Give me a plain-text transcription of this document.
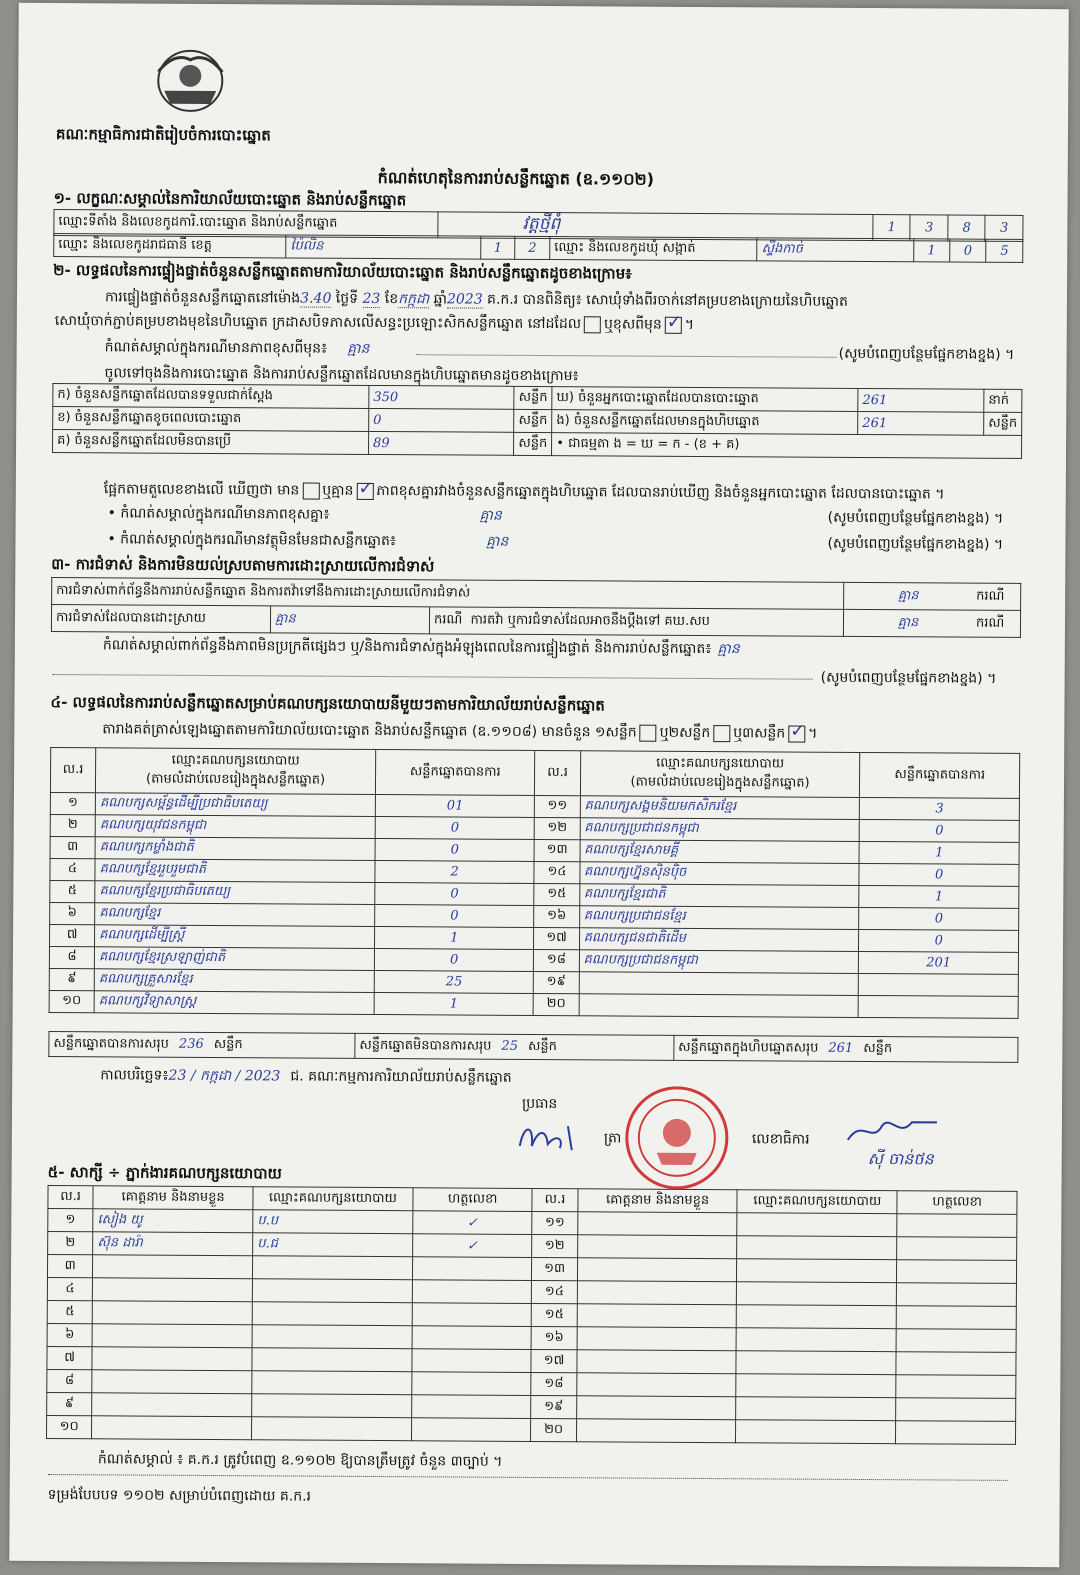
គណៈកម្មាធិការជាតិរៀបចំការបោះឆ្នោត
កំណត់ហេតុនៃការរាប់សន្លឹកឆ្នោត (ឧ.១១០២)
១- លក្ខណៈសម្គាល់នៃការិយាល័យបោះឆ្នោត និងរាប់សន្លឹកឆ្នោត
ឈ្មោះទីតាំង និងលេខកូដការិ.បោះឆ្នោត និងរាប់សន្លឹកឆ្នោត	វត្តថ្មីពុំ	1	3	8	3
ឈ្មោះ និងលេខកូដរាជធានី ខេត្ត	ប៉ៃលិន	1	2	ឈ្មោះ និងលេខកូដឃុំ សង្កាត់	ស្ទឹងកាច់	1	0	5
២- លទ្ធផលនៃការផ្ទៀងផ្ទាត់ចំនួនសន្លឹកឆ្នោតតាមការិយាល័យបោះឆ្នោត និងរាប់សន្លឹកឆ្នោតដូចខាងក្រោម៖
ការផ្ទៀងផ្ទាត់ចំនួនសន្លឹកឆ្នោតនៅម៉ោង3.40 ថ្ងៃទី 23 ខែកក្កដា ឆ្នាំ2023 គ.ក.រ បានពិនិត្យ៖ សោឃុំទាំងពីរចាក់នៅគម្របខាងក្រោយនៃហិបឆ្នោត
សោឃុំចាក់ភ្ជាប់គម្របខាងមុខនៃហិបឆ្នោត ក្រដាសបិទភាសលើសន្ធះប្រឡោះសិកសន្លឹកឆ្នោត នៅដដែល ឬខុសពីមុន ✓ ។
កំណត់សម្គាល់ក្នុងករណីមានភាពខុសពីមុន៖ គ្មាន	(សូមបំពេញបន្ថែមផ្នែកខាងខ្នង) ។
ចូលទៅចុងនិងការបោះឆ្នោត និងការរាប់សន្លឹកឆ្នោតដែលមានក្នុងហិបឆ្នោតមានដូចខាងក្រោម៖
ក) ចំនួនសន្លឹកឆ្នោតដែលបានទទួលជាក់ស្តែង	350	សន្លឹក	ឃ) ចំនួនអ្នកបោះឆ្នោតដែលបានបោះឆ្នោត	261	នាក់
ខ) ចំនួនសន្លឹកឆ្នោតខូចពេលបោះឆ្នោត	0	សន្លឹក	ង) ចំនួនសន្លឹកឆ្នោតដែលមានក្នុងហិបឆ្នោត	261	សន្លឹក
គ) ចំនួនសន្លឹកឆ្នោតដែលមិនបានប្រើ	89	សន្លឹក	• ជាធម្មតា ង = ឃ = ក - (ខ + គ)		
ផ្អែកតាមតួលេខខាងលើ ឃើញថា មាន ឬគ្មាន ✓ ភាពខុសគ្នារវាងចំនួនសន្លឹកឆ្នោតក្នុងហិបឆ្នោត ដែលបានរាប់ឃើញ និងចំនួនអ្នកបោះឆ្នោត ដែលបានបោះឆ្នោត ។
• កំណត់សម្គាល់ក្នុងករណីមានភាពខុសគ្នា៖	គ្មាន	(សូមបំពេញបន្ថែមផ្នែកខាងខ្នង) ។
• កំណត់សម្គាល់ក្នុងករណីមានវត្ថុមិនមែនជាសន្លឹកឆ្នោត៖	គ្មាន	(សូមបំពេញបន្ថែមផ្នែកខាងខ្នង) ។
៣- ការជំទាស់ និងការមិនយល់ស្របតាមការដោះស្រាយលើការជំទាស់
ការជំទាស់ពាក់ព័ន្ធនឹងការរាប់សន្លឹកឆ្នោត និងការតវ៉ាទៅនឹងការដោះស្រាយលើការជំទាស់			គ្មាន	ករណី
ការជំទាស់ដែលបានដោះស្រាយ	គ្មាន	ករណី ការតវ៉ា ឬការជំទាស់ដែលអាចនឹងប្តឹងទៅ គឃ.សប	គ្មាន	ករណី
កំណត់សម្គាល់ពាក់ព័ន្ធនឹងភាពមិនប្រក្រតីផ្សេងៗ ឬ/និងការជំទាស់ក្នុងអំឡុងពេលនៃការផ្ទៀងផ្ទាត់ និងការរាប់សន្លឹកឆ្នោត៖ គ្មាន
(សូមបំពេញបន្ថែមផ្នែកខាងខ្នង) ។
៤- លទ្ធផលនៃការរាប់សន្លឹកឆ្នោតសម្រាប់គណបក្សនយោបាយនីមួយៗតាមការិយាល័យរាប់សន្លឹកឆ្នោត
តារាងគត់ត្រាស់ឡេងឆ្នោតតាមការិយាល័យបោះឆ្នោត និងរាប់សន្លឹកឆ្នោត (ឧ.១១០៨) មានចំនួន ១សន្លឹក ឬ២សន្លឹក ឬ៣សន្លឹក ✓ ។
ល.រ	ឈ្មោះគណបក្សនយោបាយ
(តាមលំដាប់លេខរៀងក្នុងសន្លឹកឆ្នោត)	សន្លឹកឆ្នោតបានការ	ល.រ	ឈ្មោះគណបក្សនយោបាយ
(តាមលំដាប់លេខរៀងក្នុងសន្លឹកឆ្នោត)	សន្លឹកឆ្នោតបានការ
១	គណបក្សសម្ព័ន្ធដើម្បីប្រជាធិបតេយ្យ	01	១១	គណបក្សសង្គមនិយមកសិករខ្មែរ	3
២	គណបក្សយុវជនកម្ពុជា	0	១២	គណបក្សប្រជាជនកម្ពុជា	0
៣	គណបក្សកម្លាំងជាតិ	0	១៣	គណបក្សខ្មែរសាមគ្គី	1
៤	គណបក្សខ្មែររួបរួមជាតិ	2	១៤	គណបក្សហ្វ៊ុនស៊ិនប៉ិច	0
៥	គណបក្សខ្មែរប្រជាធិបតេយ្យ	0	១៥	គណបក្សខ្មែរជាតិ	1
៦	គណបក្សខ្មែរ	0	១៦	គណបក្សប្រជាជនខ្មែរ	0
៧	គណបក្សដើម្បីស្ត្រី	1	១៧	គណបក្សជនជាតិដើម	0
៨	គណបក្សខ្មែរស្រឡាញ់ជាតិ	0	១៨	គណបក្សប្រជាជនកម្ពុជា	201
៩	គណបក្សគ្រួសារខ្មែរ	25	១៩		
១០	គណបក្សវិទ្យាសាស្ត្រ	1	២០		
សន្លឹកឆ្នោតបានការសរុប 236 សន្លឹក	សន្លឹកឆ្នោតមិនបានការសរុប 25 សន្លឹក	សន្លឹកឆ្នោតក្នុងហិបឆ្នោតសរុប 261 សន្លឹក
កាលបរិច្ឆេទ៖23 / កក្កដា / 2023 ជ. គណៈកម្មការការិយាល័យរាប់សន្លឹកឆ្នោត
ប្រធាន
ត្រា	លេខាធិការ
ស៊ី ចាន់ថន
៥- សាក្សី ÷ ភ្នាក់ងារគណបក្សនយោបាយ
ល.រ	គោត្តនាម និងនាមខ្លួន	ឈ្មោះគណបក្សនយោបាយ	ហត្ថលេខា	ល.រ	គោត្តនាម និងនាមខ្លួន	ឈ្មោះគណបក្សនយោបាយ	ហត្ថលេខា
១	សៀង យូ	ប.ប	✓	១១			
២	ស៊ុន ដារ៉ា	ប.ជ	✓	១២			
៣				១៣			
៤				១៤			
៥				១៥			
៦				១៦			
៧				១៧			
៨				១៨			
៩				១៩			
១០				២០			
កំណត់សម្គាល់ ៖ គ.ក.រ ត្រូវបំពេញ ឧ.១១០២ ឱ្យបានត្រឹមត្រូវ ចំនួន ៣ច្បាប់ ។
ទម្រង់បែបបទ ១១០២ សម្រាប់បំពេញដោយ គ.ក.រ
